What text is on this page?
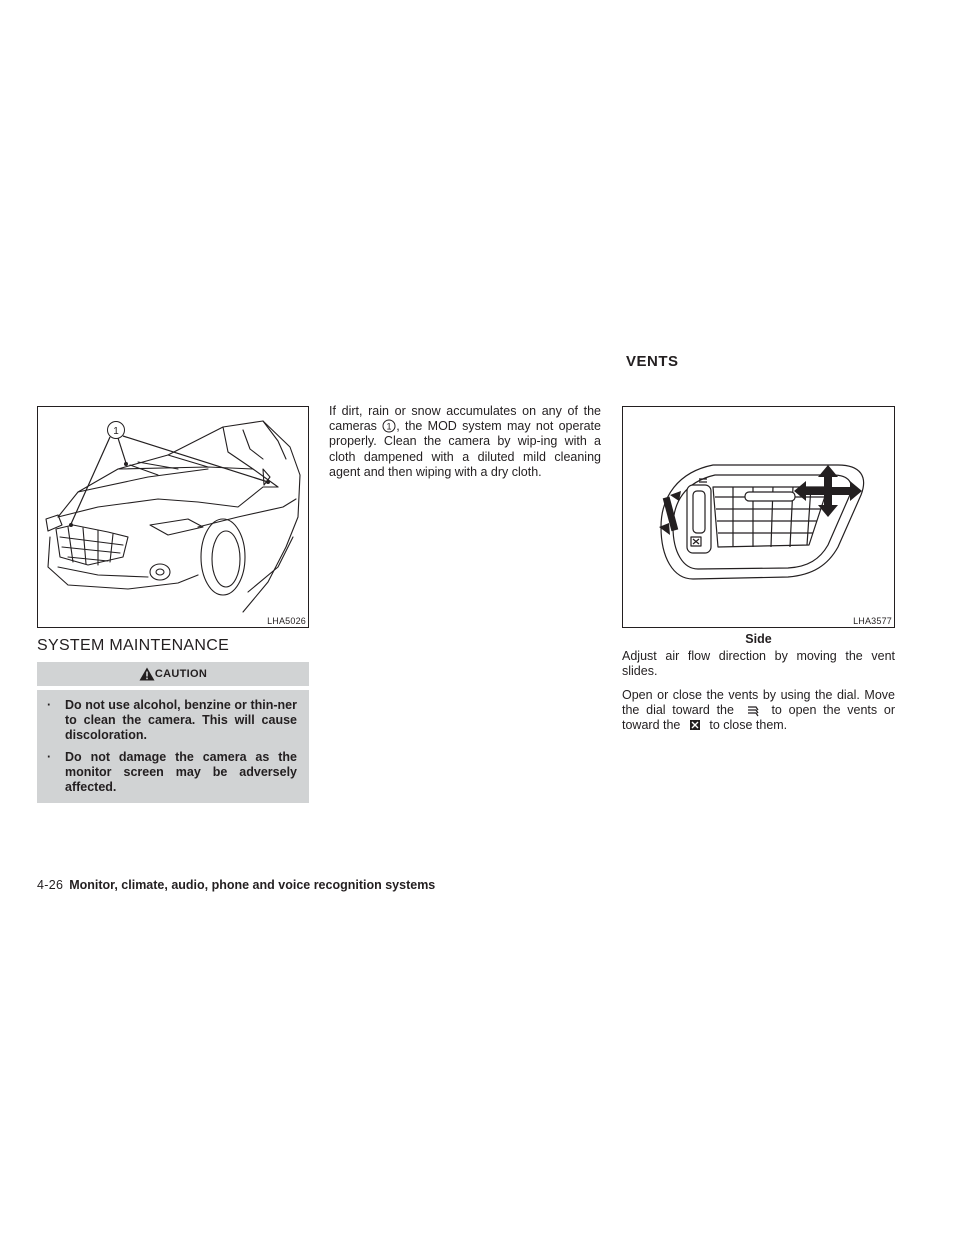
VENTS
1
LHA5026
SYSTEM MAINTENANCE
CAUTION
· Do not use alcohol, benzine or thin-ner to clean the camera. This will cause discoloration.
· Do not damage the camera as the monitor screen may be adversely affected.
If dirt, rain or snow accumulates on any of the cameras 1 , the MOD system may not operate properly. Clean the camera by wip-ing with a cloth dampened with a diluted mild cleaning agent and then wiping with a dry cloth.
LHA3577
Side
Adjust air flow direction by moving the vent slides.
Open or close the vents by using the dial. Move the dial toward the	to open the vents or toward the to close them.
4-26 Monitor, climate, audio, phone and voice recognition systems
